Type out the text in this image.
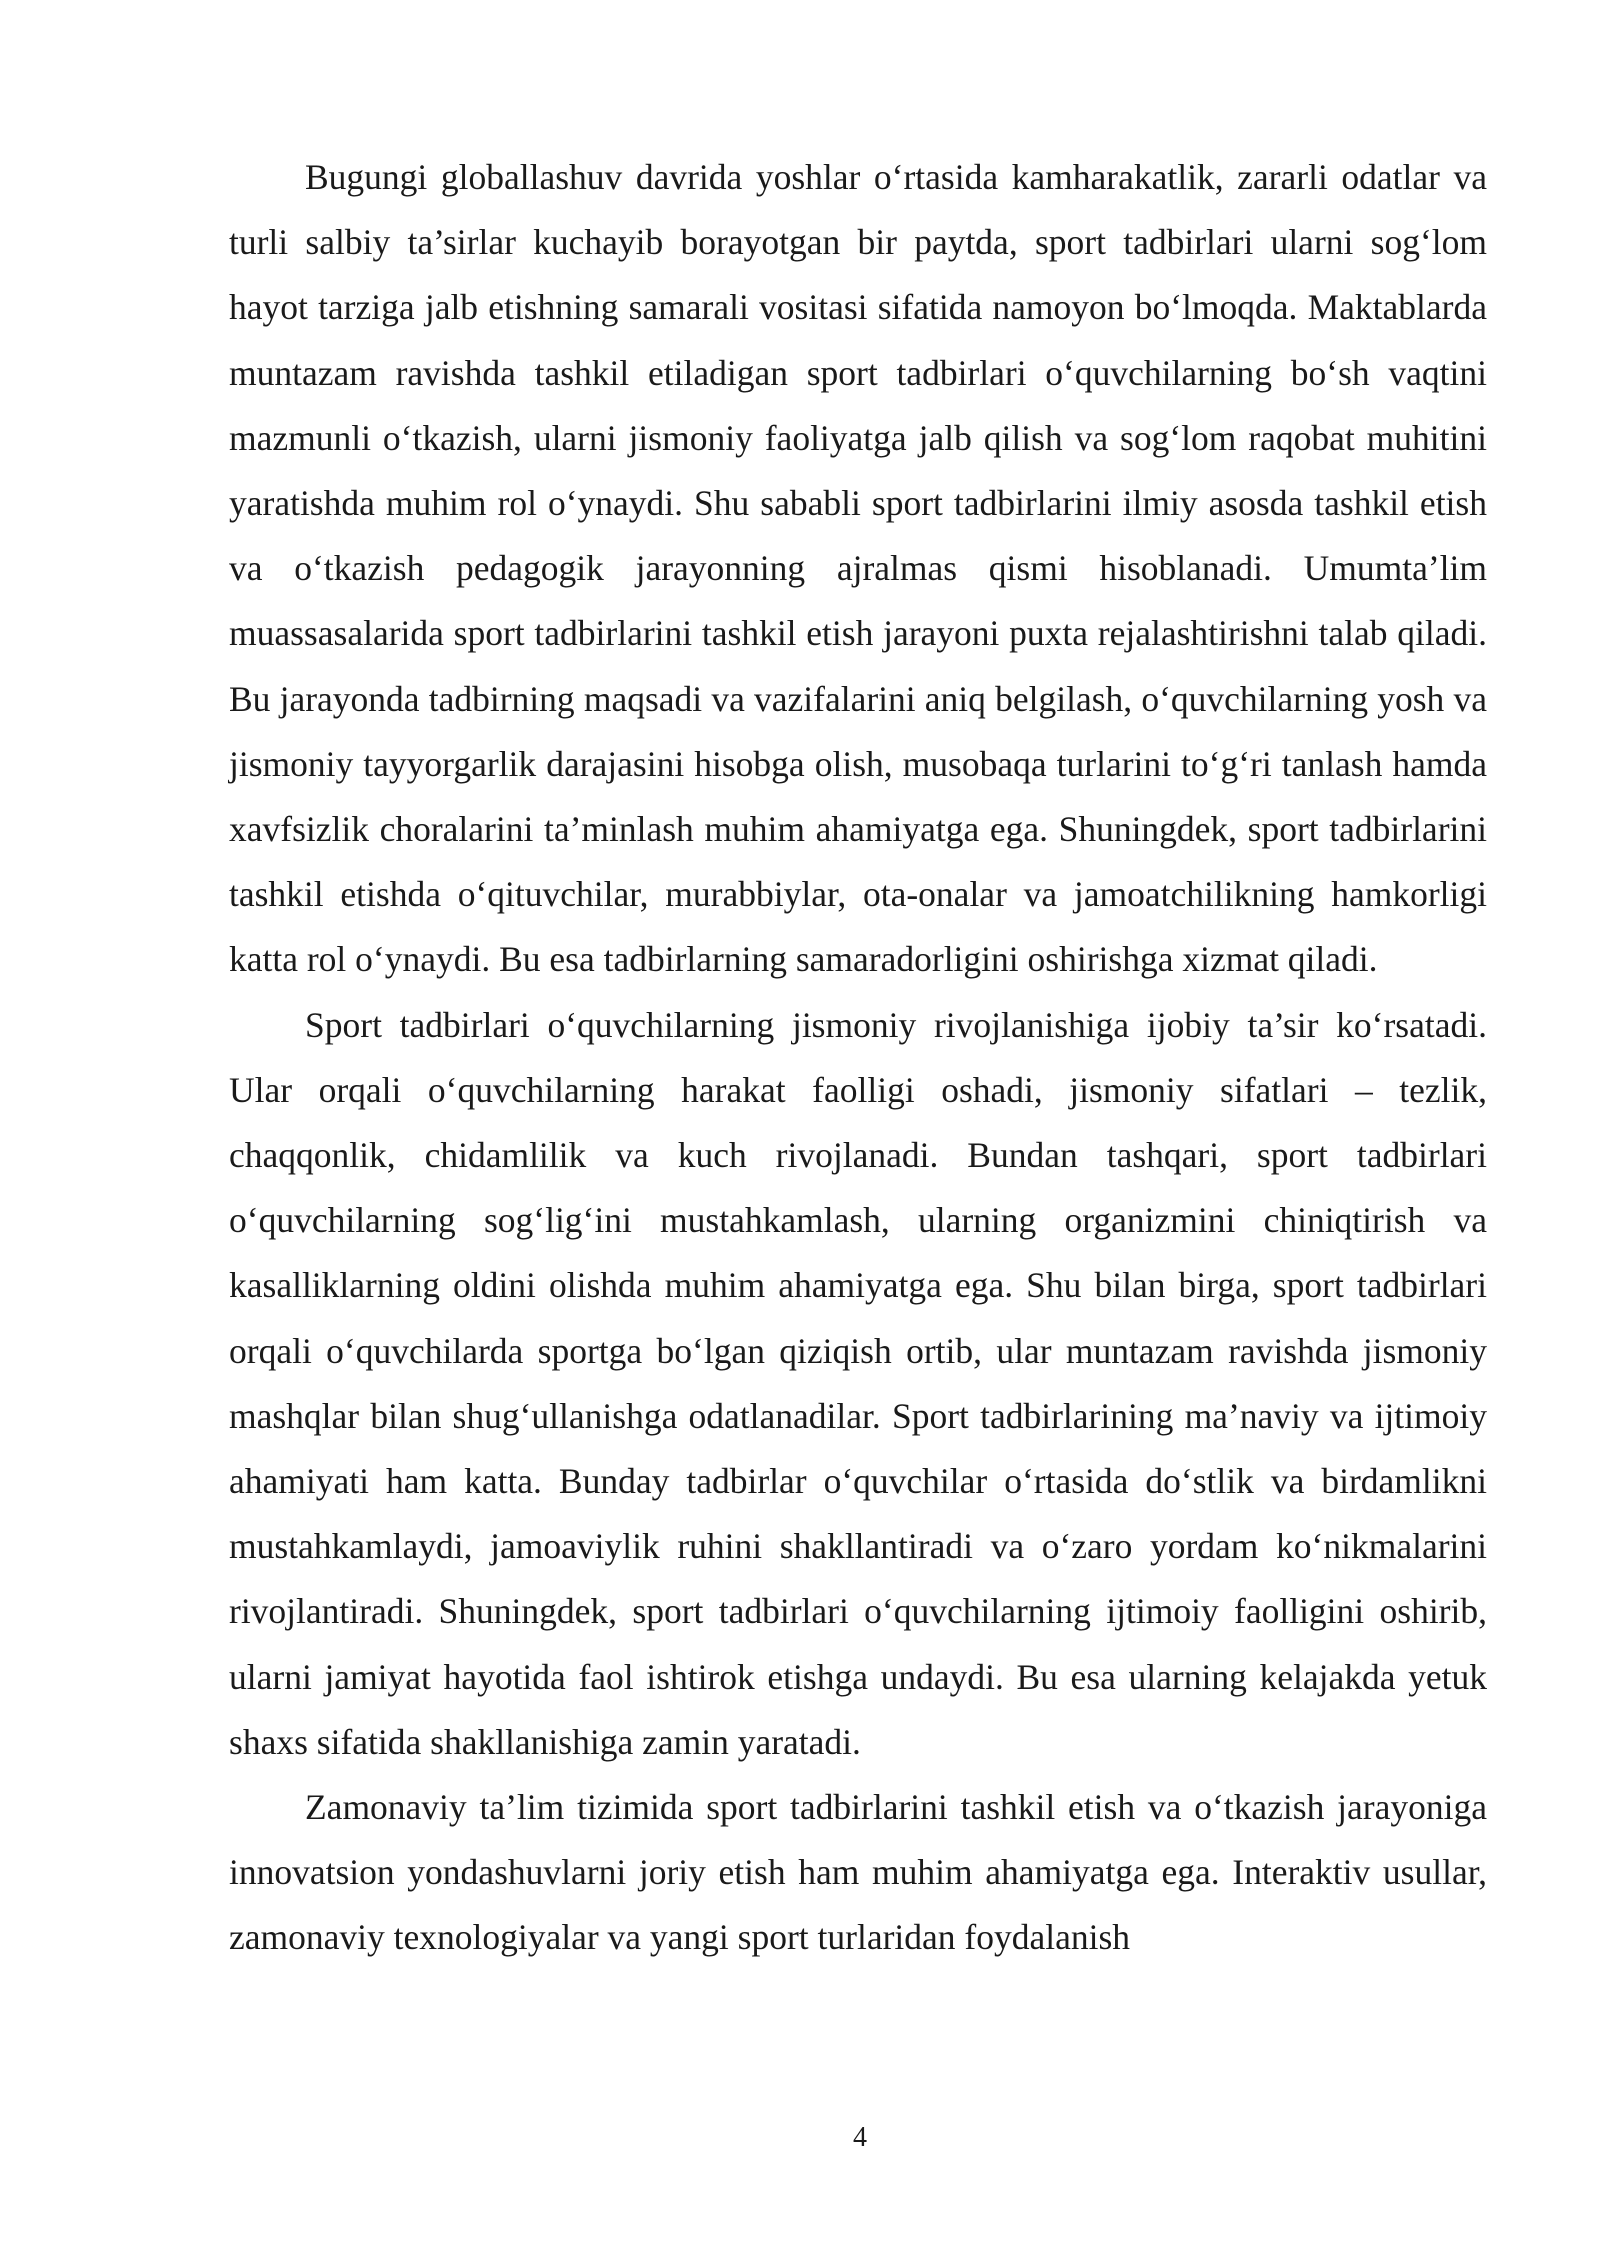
Bugungi globallashuv davrida yoshlar o‘rtasida kamharakatlik, zararli odatlar va turli salbiy ta’sirlar kuchayib borayotgan bir paytda, sport tadbirlari ularni sog‘lom hayot tarziga jalb etishning samarali vositasi sifatida namoyon bo‘lmoqda. Maktablarda muntazam ravishda tashkil etiladigan sport tadbirlari o‘quvchilarning bo‘sh vaqtini mazmunli o‘tkazish, ularni jismoniy faoliyatga jalb qilish va sog‘lom raqobat muhitini yaratishda muhim rol o‘ynaydi. Shu sababli sport tadbirlarini ilmiy asosda tashkil etish va o‘tkazish pedagogik jarayonning ajralmas qismi hisoblanadi. Umumta’lim muassasalarida sport tadbirlarini tashkil etish jarayoni puxta rejalashtirishni talab qiladi. Bu jarayonda tadbirning maqsadi va vazifalarini aniq belgilash, o‘quvchilarning yosh va jismoniy tayyorgarlik darajasini hisobga olish, musobaqa turlarini to‘g‘ri tanlash hamda xavfsizlik choralarini ta’minlash muhim ahamiyatga ega. Shuningdek, sport tadbirlarini tashkil etishda o‘qituvchilar, murabbiylar, ota-onalar va jamoatchilikning hamkorligi katta rol o‘ynaydi. Bu esa tadbirlarning samaradorligini oshirishga xizmat qiladi.

Sport tadbirlari o‘quvchilarning jismoniy rivojlanishiga ijobiy ta’sir ko‘rsatadi. Ular orqali o‘quvchilarning harakat faolligi oshadi, jismoniy sifatlari – tezlik, chaqqonlik, chidamlilik va kuch rivojlanadi. Bundan tashqari, sport tadbirlari o‘quvchilarning sog‘lig‘ini mustahkamlash, ularning organizmini chiniqtirish va kasalliklarning oldini olishda muhim ahamiyatga ega. Shu bilan birga, sport tadbirlari orqali o‘quvchilarda sportga bo‘lgan qiziqish ortib, ular muntazam ravishda jismoniy mashqlar bilan shug‘ullanishga odatlanadilar. Sport tadbirlarining ma’naviy va ijtimoiy ahamiyati ham katta. Bunday tadbirlar o‘quvchilar o‘rtasida do‘stlik va birdamlikni mustahkamlaydi, jamoaviylik ruhini shakllantiradi va o‘zaro yordam ko‘nikmalarini rivojlantiradi. Shuningdek, sport tadbirlari o‘quvchilarning ijtimoiy faolligini oshirib, ularni jamiyat hayotida faol ishtirok etishga undaydi. Bu esa ularning kelajakda yetuk shaxs sifatida shakllanishiga zamin yaratadi.

Zamonaviy ta’lim tizimida sport tadbirlarini tashkil etish va o‘tkazish jarayoniga innovatsion yondashuvlarni joriy etish ham muhim ahamiyatga ega. Interaktiv usullar, zamonaviy texnologiyalar va yangi sport turlaridan foydalanish

4
